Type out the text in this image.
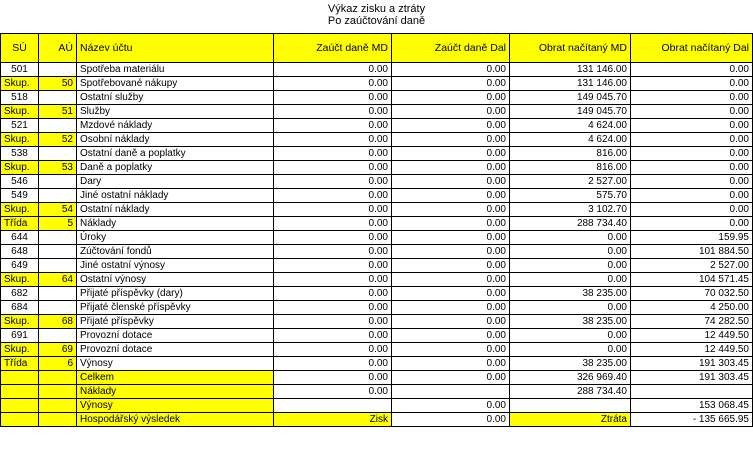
Výkaz zisku a ztráty
Po zaúčtování daně
SÚ	AÚ	Název účtu	Zaúčt daně MD	Zaúčt daně Dal	Obrat načítaný MD	Obrat načítaný Dal
501		Spotřeba materiálu	0.00	0.00	131 146.00	0.00
Skup.	50	Spotřebované nákupy	0.00	0.00	131 146.00	0.00
518		Ostatní služby	0.00	0.00	149 045.70	0.00
Skup.	51	Služby	0.00	0.00	149 045.70	0.00
521		Mzdové náklady	0.00	0.00	4 624.00	0.00
Skup.	52	Osobní náklady	0.00	0.00	4 624.00	0.00
538		Ostatní daně a poplatky	0.00	0.00	816.00	0.00
Skup.	53	Daně a poplatky	0.00	0.00	816.00	0.00
546		Dary	0.00	0.00	2 527.00	0.00
549		Jiné ostatní náklady	0.00	0.00	575.70	0.00
Skup.	54	Ostatní náklady	0.00	0.00	3 102.70	0.00
Třída	5	Náklady	0.00	0.00	288 734.40	0.00
644		Úroky	0.00	0.00	0.00	159.95
648		Zúčtování fondů	0.00	0.00	0.00	101 884.50
649		Jiné ostatní výnosy	0.00	0.00	0.00	2 527.00
Skup.	64	Ostatní výnosy	0.00	0.00	0.00	104 571.45
682		Přijaté příspěvky (dary)	0.00	0.00	38 235.00	70 032.50
684		Přijaté členské příspěvky	0.00	0.00	0.00	4 250.00
Skup.	68	Přijaté příspěvky	0.00	0.00	38 235.00	74 282.50
691		Provozní dotace	0.00	0.00	0.00	12 449.50
Skup.	69	Provozní dotace	0.00	0.00	0.00	12 449.50
Třída	6	Výnosy	0.00	0.00	38 235.00	191 303.45
		Celkem	0.00	0.00	326 969.40	191 303.45
		Náklady	0.00		288 734.40	
		Výnosy		0.00		153 068.45
		Hospodářský výsledek	Zisk	0.00	Ztráta	- 135 665.95
